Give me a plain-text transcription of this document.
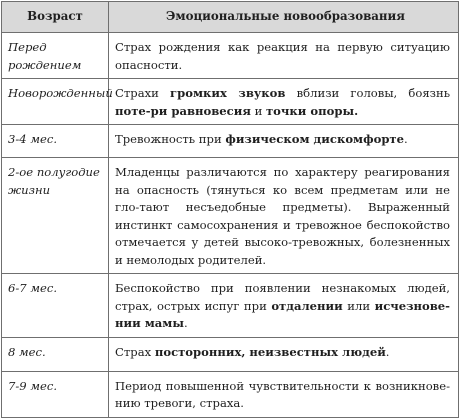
Возраст	Эмоциональные новообразования
Перед рождением	Страх рождения как реакция на первую ситуацию опасности.
Новорожденный	Страхи громких звуков вблизи головы, боязнь поте-ри равновесия и точки опоры.
3-4 мес.	Тревожность при физическом дискомфорте.
2-ое полугодие жизни	Младенцы различаются по характеру реагирования на опасность (тянуться ко всем предметам или не гло-тают несъедобные предметы). Выраженный инстинкт самосохранения и тревожное беспокойство отмечается у детей высоко-тревожных, болезненных и немолодых родителей.
6-7 мес.	Беспокойство при появлении незнакомых людей, страх, острых испуг при отдалении или исчезнове-нии мамы.
8 мес.	Страх посторонних, неизвестных людей.
7-9 мес.	Период повышенной чувствительности к возникнове-нию тревоги, страха.
